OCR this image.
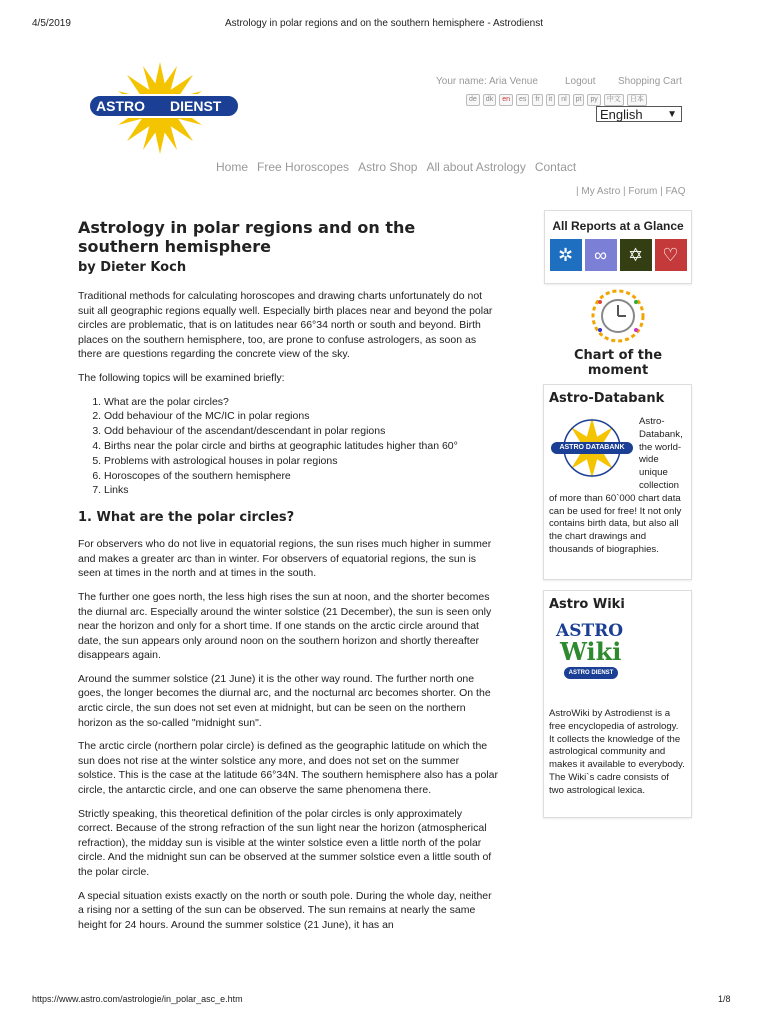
4/5/2019	Astrology in polar regions and on the southern hemisphere - Astrodienst
ASTRO DIENST
Your name: Aria Venue	Logout Shopping Cart
de	dk	en	es	fr	it	nl	pt	ру	中文	日本
English ▼
Home Free Horoscopes Astro Shop All about Astrology Contact
| My Astro | Forum | FAQ
Astrology in polar regions and on the southern hemisphere
by Dieter Koch

Traditional methods for calculating horoscopes and drawing charts unfortunately do not suit all geographic regions equally well. Especially birth places near and beyond the polar circles are problematic, that is on latitudes near 66°34 north or south and beyond. Birth places on the southern hemisphere, too, are prone to confuse astrologers, as soon as there are questions regarding the concrete view of the sky.

The following topics will be examined briefly:

1. What are the polar circles?
2. Odd behaviour of the MC/IC in polar regions
3. Odd behaviour of the ascendant/descendant in polar regions
4. Births near the polar circle and births at geographic latitudes higher than 60°
5. Problems with astrological houses in polar regions
6. Horoscopes of the southern hemisphere
7. Links
1. What are the polar circles?

For observers who do not live in equatorial regions, the sun rises much higher in summer and makes a greater arc than in winter. For observers of equatorial regions, the sun is seen at times in the north and at times in the south.

The further one goes north, the less high rises the sun at noon, and the shorter becomes the diurnal arc. Especially around the winter solstice (21 December), the sun is seen only near the horizon and only for a short time. If one stands on the arctic circle around that date, the sun appears only around noon on the southern horizon and shortly thereafter disappears again.

Around the summer solstice (21 June) it is the other way round. The further north one goes, the longer becomes the diurnal arc, and the nocturnal arc becomes shorter. On the arctic circle, the sun does not set even at midnight, but can be seen on the northern horizon as the so-called "midnight sun".

The arctic circle (northern polar circle) is defined as the geographic latitude on which the sun does not rise at the winter solstice any more, and does not set on the summer solstice. This is the case at the latitude 66°34N. The southern hemisphere also has a polar circle, the antarctic circle, and one can observe the same phenomena there.

Strictly speaking, this theoretical definition of the polar circles is only approximately correct. Because of the strong refraction of the sun light near the horizon (atmospherical refraction), the midday sun is visible at the winter solstice even a little north of the polar circle. And the midnight sun can be observed at the summer solstice even a little south of the polar circle.

A special situation exists exactly on the north or south pole. During the whole day, neither a rising nor a setting of the sun can be observed. The sun remains at nearly the same height for 24 hours. Around the summer solstice (21 June), it has an

All Reports at a Glance
✲	∞	✡	♡
Chart of the moment
Astro-Databank
ASTRO DATABANK
Astro-Databank, the world-wide unique collection of more than 60`000 chart data can be used for free! It not only contains birth data, but also all the chart drawings and thousands of biographies.
Astro Wiki
ASTRO
Wiki
ASTRO DIENST
AstroWiki by Astrodienst is a free encyclopedia of astrology. It collects the knowledge of the astrological community and makes it available to everybody. The Wiki`s cadre consists of two astrological lexica.
https://www.astro.com/astrologie/in_polar_asc_e.htm	1/8
